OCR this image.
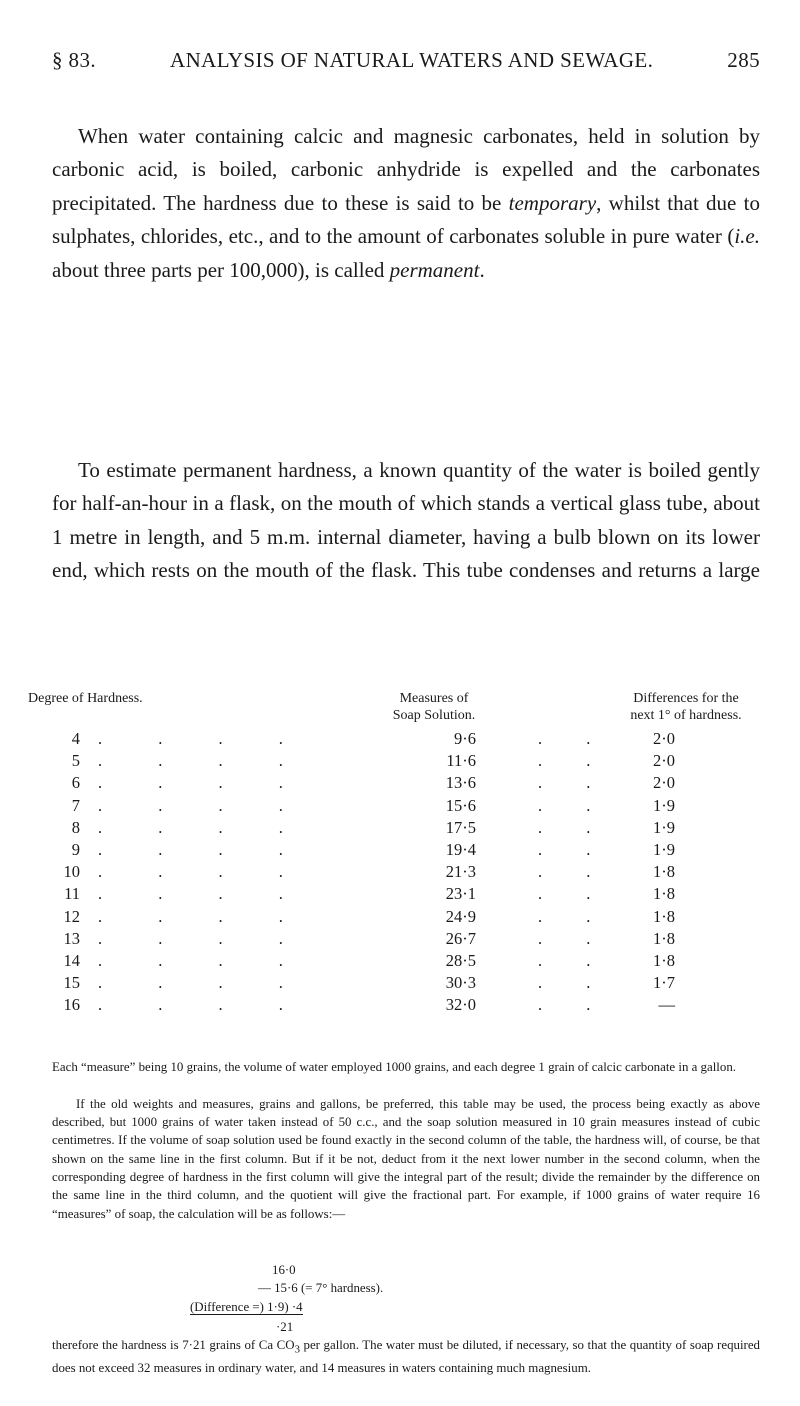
§ 83.	ANALYSIS OF NATURAL WATERS AND SEWAGE.	285

When water containing calcic and magnesic carbonates, held in solution by carbonic acid, is boiled, carbonic anhydride is expelled and the carbonates precipitated. The hardness due to these is said to be temporary, whilst that due to sulphates, chlorides, etc., and to the amount of carbonates soluble in pure water (i.e. about three parts per 100,000), is called permanent.

To estimate permanent hardness, a known quantity of the water is boiled gently for half-an-hour in a flask, on the mouth of which stands a vertical glass tube, about 1 metre in length, and 5 m.m. internal diameter, having a bulb blown on its lower end, which rests on the mouth of the flask. This tube condenses and returns a large

Degree of Hardness.	Measures of
Soap Solution.
Differences for the
next 1° of hardness.
4 . . . .	9·6	. .	2·0
5 . . . .	11·6	. .	2·0
6 . . . .	13·6	. .	2·0
7 . . . .	15·6	. .	1·9
8 . . . .	17·5	. .	1·9
9 . . . .	19·4	. .	1·9
10 . . . .	21·3	. .	1·8
11 . . . .	23·1	. .	1·8
12 . . . .	24·9	. .	1·8
13 . . . .	26·7	. .	1·8
14 . . . .	28·5	. .	1·8
15 . . . .	30·3	. .	1·7
16 . . . .	32·0	. .	—

Each “measure” being 10 grains, the volume of water employed 1000 grains, and each degree 1 grain of calcic carbonate in a gallon.

If the old weights and measures, grains and gallons, be preferred, this table may be used, the process being exactly as above described, but 1000 grains of water taken instead of 50 c.c., and the soap solution measured in 10 grain measures instead of cubic centimetres. If the volume of soap solution used be found exactly in the second column of the table, the hardness will, of course, be that shown on the same line in the first column. But if it be not, deduct from it the next lower number in the second column, when the corresponding degree of hardness in the first column will give the integral part of the result; divide the remainder by the difference on the same line in the third column, and the quotient will give the fractional part. For example, if 1000 grains of water require 16 “measures” of soap, the calculation will be as follows:—

16·0
— 15·6 (= 7° hardness).
(Difference =) 1·9) ·4
·21

therefore the hardness is 7·21 grains of Ca $CO_3$ per gallon. The water must be diluted, if necessary, so that the quantity of soap required does not exceed 32 measures in ordinary water, and 14 measures in waters containing much magnesium.
